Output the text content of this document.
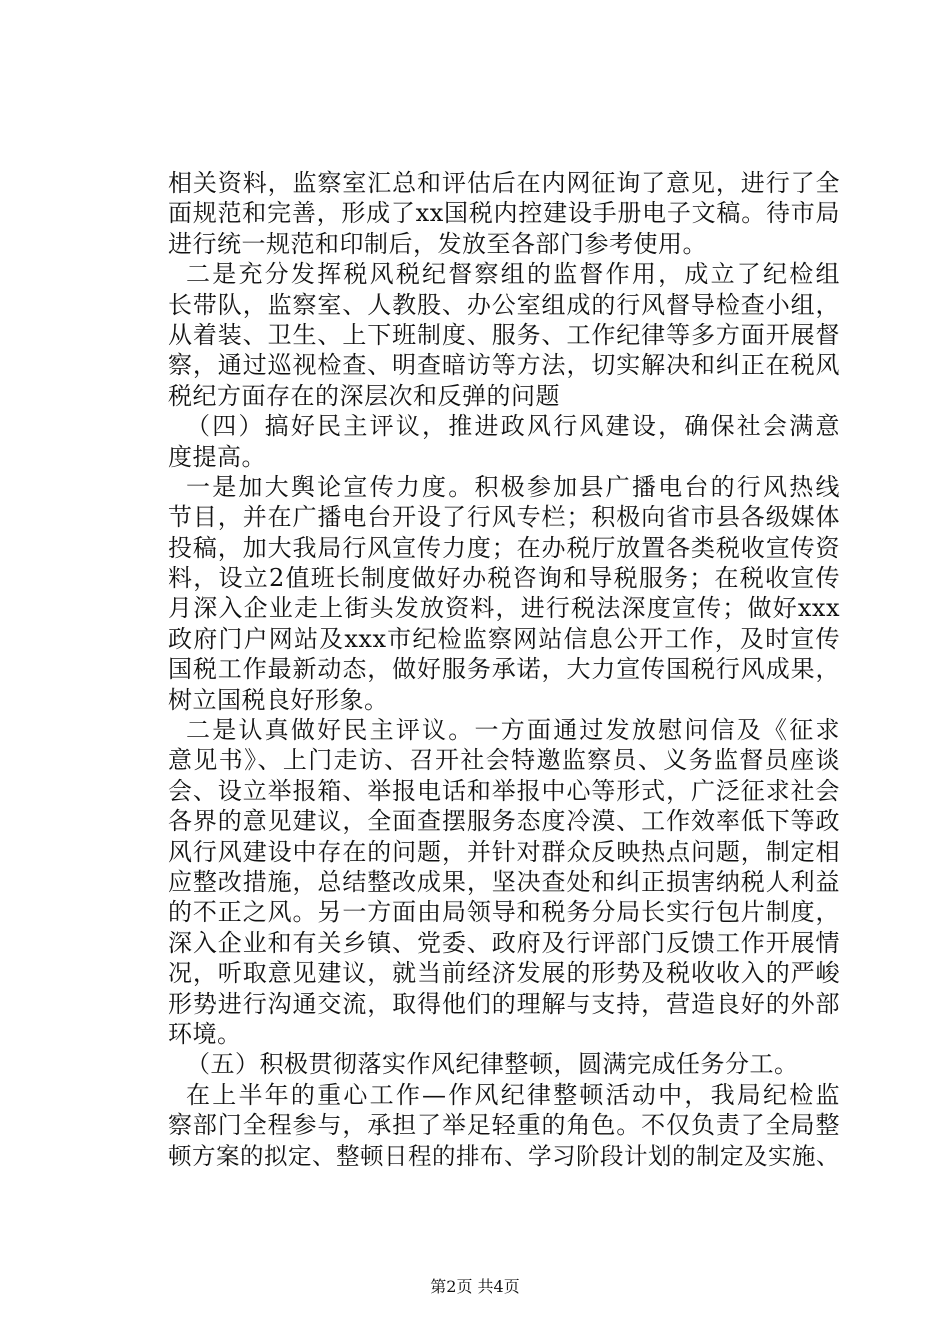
相关资料，监察室汇总和评估后在内网征询了意见，进行了全
面规范和完善，形成了xx国税内控建设手册电子文稿。待市局
进行统一规范和印制后，发放至各部门参考使用。
二是充分发挥税风税纪督察组的监督作用，成立了纪检组
长带队，监察室、人教股、办公室组成的行风督导检查小组，
从着装、卫生、上下班制度、服务、工作纪律等多方面开展督
察，通过巡视检查、明查暗访等方法，切实解决和纠正在税风
税纪方面存在的深层次和反弹的问题
（四）搞好民主评议，推进政风行风建设，确保社会满意
度提高。
一是加大舆论宣传力度。积极参加县广播电台的行风热线
节目，并在广播电台开设了行风专栏；积极向省市县各级媒体
投稿，加大我局行风宣传力度；在办税厅放置各类税收宣传资
料，设立2值班长制度做好办税咨询和导税服务；在税收宣传
月深入企业走上街头发放资料，进行税法深度宣传；做好xxx
政府门户网站及xxx市纪检监察网站信息公开工作，及时宣传
国税工作最新动态，做好服务承诺，大力宣传国税行风成果，
树立国税良好形象。
二是认真做好民主评议。一方面通过发放慰问信及《征求
意见书》、上门走访、召开社会特邀监察员、义务监督员座谈
会、设立举报箱、举报电话和举报中心等形式，广泛征求社会
各界的意见建议，全面查摆服务态度冷漠、工作效率低下等政
风行风建设中存在的问题，并针对群众反映热点问题，制定相
应整改措施，总结整改成果，坚决查处和纠正损害纳税人利益
的不正之风。另一方面由局领导和税务分局长实行包片制度，
深入企业和有关乡镇、党委、政府及行评部门反馈工作开展情
况，听取意见建议，就当前经济发展的形势及税收收入的严峻
形势进行沟通交流，取得他们的理解与支持，营造良好的外部
环境。
（五）积极贯彻落实作风纪律整顿，圆满完成任务分工。
在上半年的重心工作—作风纪律整顿活动中，我局纪检监
察部门全程参与，承担了举足轻重的角色。不仅负责了全局整
顿方案的拟定、整顿日程的排布、学习阶段计划的制定及实施、
第2页 共4页
